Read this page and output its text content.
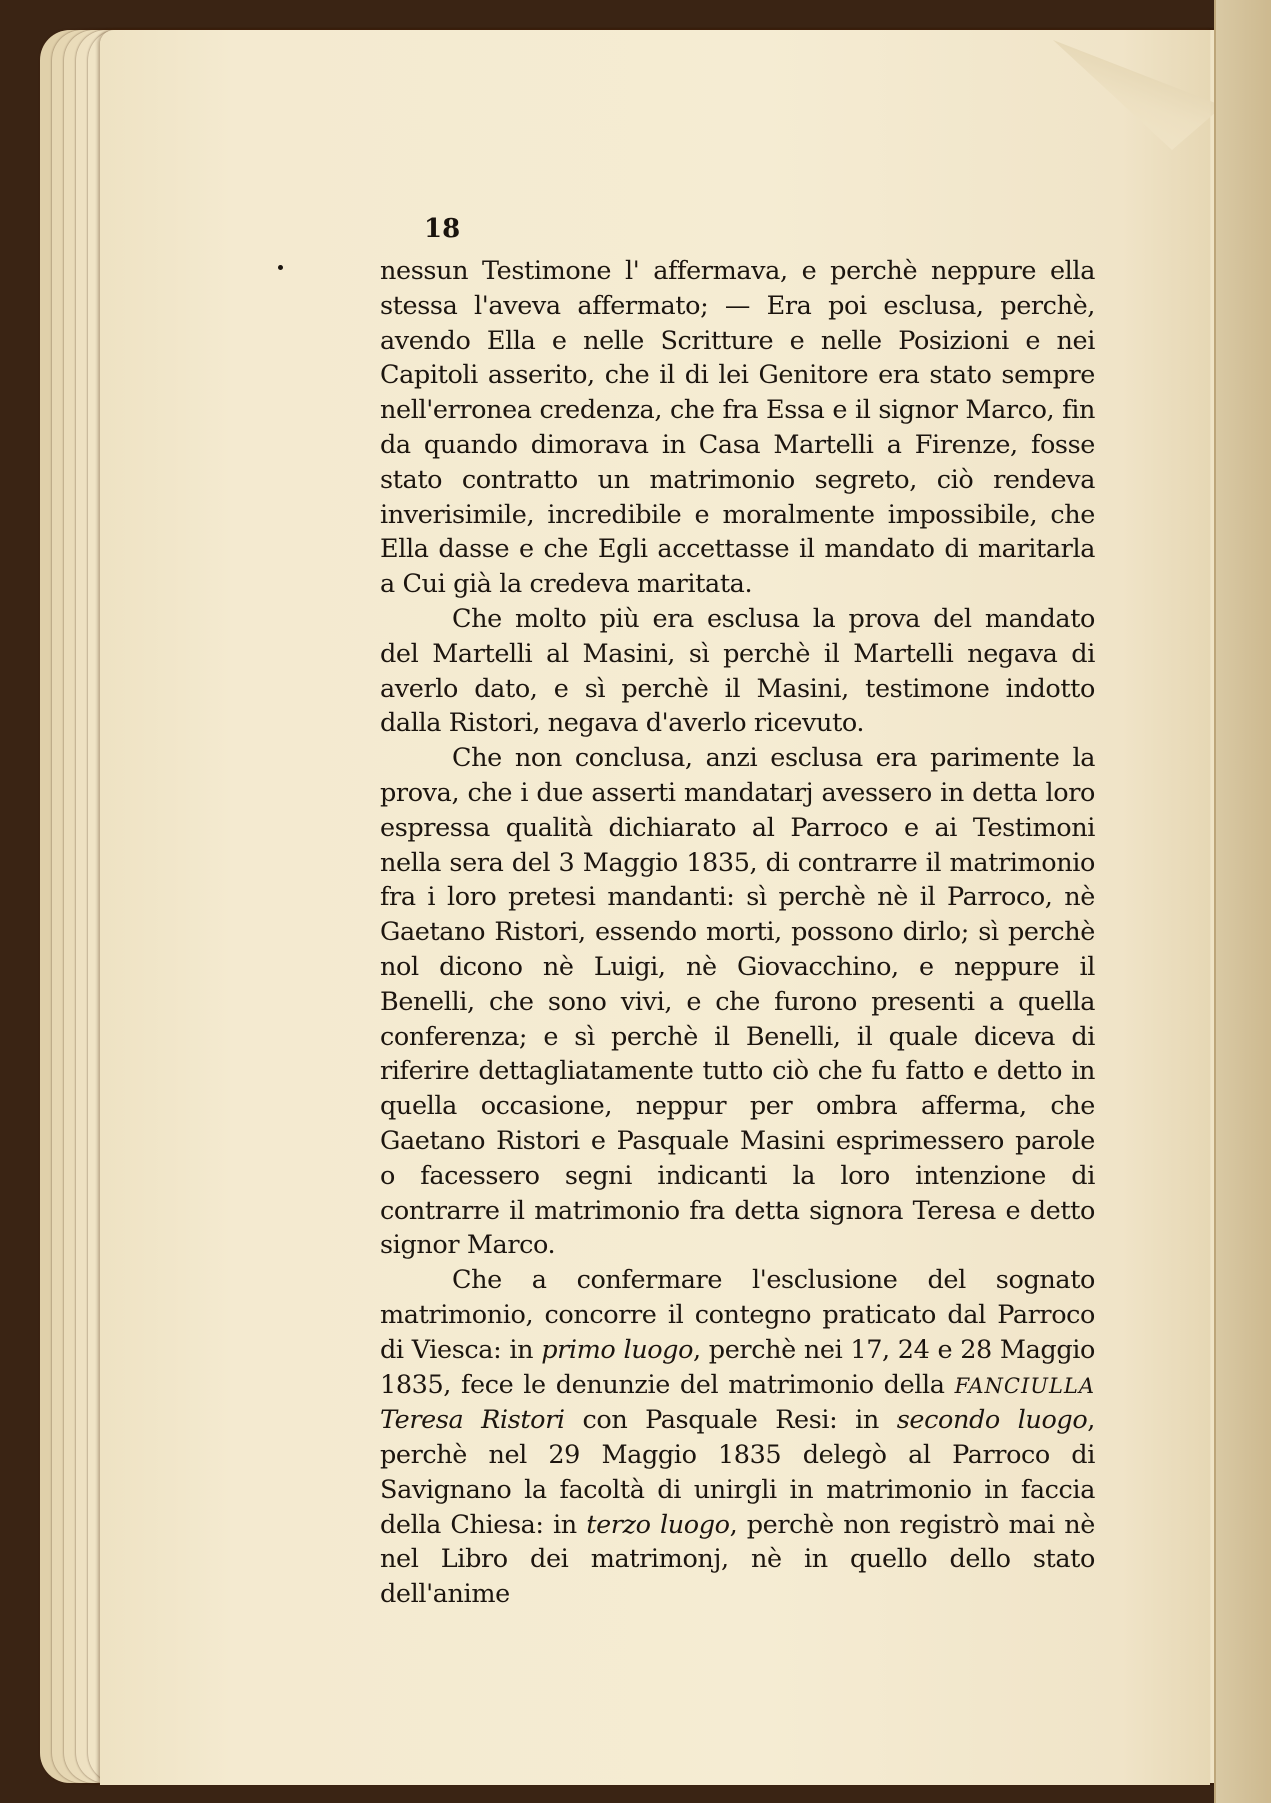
18

nessun Testimone l' affermava, e perchè neppure ella stessa l'aveva affermato; — Era poi esclusa, perchè, avendo Ella e nelle Scritture e nelle Posizioni e nei Capitoli asserito, che il di lei Genitore era stato sempre nell'erronea credenza, che fra Essa e il signor Marco, fin da quando dimorava in Casa Martelli a Firenze, fosse stato contratto un matrimonio segreto, ciò rendeva inverisimile, incredibile e moralmente impossibile, che Ella dasse e che Egli accettasse il mandato di maritarla a Cui già la credeva maritata.

Che molto più era esclusa la prova del mandato del Martelli al Masini, sì perchè il Martelli negava di averlo dato, e sì perchè il Masini, testimone indotto dalla Ristori, negava d'averlo ricevuto.

Che non conclusa, anzi esclusa era parimente la prova, che i due asserti mandatarj avessero in detta loro espressa qualità dichiarato al Parroco e ai Testimoni nella sera del 3 Maggio 1835, di contrarre il matrimonio fra i loro pretesi mandanti: sì perchè nè il Parroco, nè Gaetano Ristori, essendo morti, possono dirlo; sì perchè nol dicono nè Luigi, nè Giovacchino, e neppure il Benelli, che sono vivi, e che furono presenti a quella conferenza; e sì perchè il Benelli, il quale diceva di riferire dettagliatamente tutto ciò che fu fatto e detto in quella occasione, neppur per ombra afferma, che Gaetano Ristori e Pasquale Masini esprimessero parole o facessero segni indicanti la loro intenzione di contrarre il matrimonio fra detta signora Teresa e detto signor Marco.

Che a confermare l'esclusione del sognato matrimonio, concorre il contegno praticato dal Parroco di Viesca: in primo luogo, perchè nei 17, 24 e 28 Maggio 1835, fece le denunzie del matrimonio della FANCIULLA Teresa Ristori con Pasquale Resi: in secondo luogo, perchè nel 29 Maggio 1835 delegò al Parroco di Savignano la facoltà di unirgli in matrimonio in faccia della Chiesa: in terzo luogo, perchè non registrò mai nè nel Libro dei matrimonj, nè in quello dello stato dell'anime
